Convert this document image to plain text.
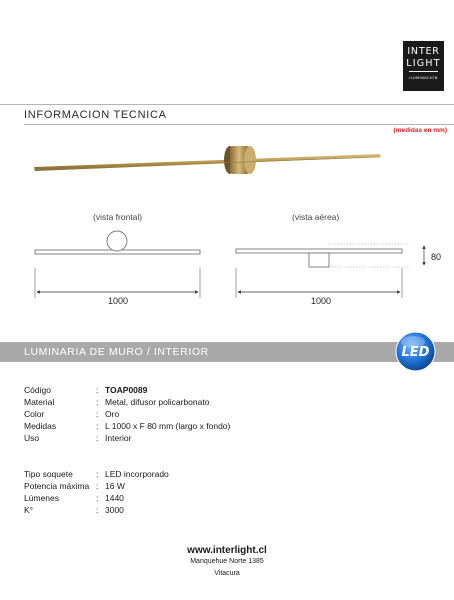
INTER
LIGHT
ILUMINACION
INFORMACION TECNICA
(medidas en mm)
(vista frontal)	(vista aérea)
1000	1000
80
LUMINARIA DE MURO / INTERIOR	LED
Código	: TOAP0089
Material	: Metal, difusor policarbonato
Color	: Oro
Medidas	: L 1000 x F 80 mm (largo x fondo)
Uso	: Interior
Tipo soquete	: LED incorporado
Potencia máxima : 16 W
Lúmenes	: 1440
K°	: 3000
www.interlight.cl
Manquehue Norte 1385
Vitacura
